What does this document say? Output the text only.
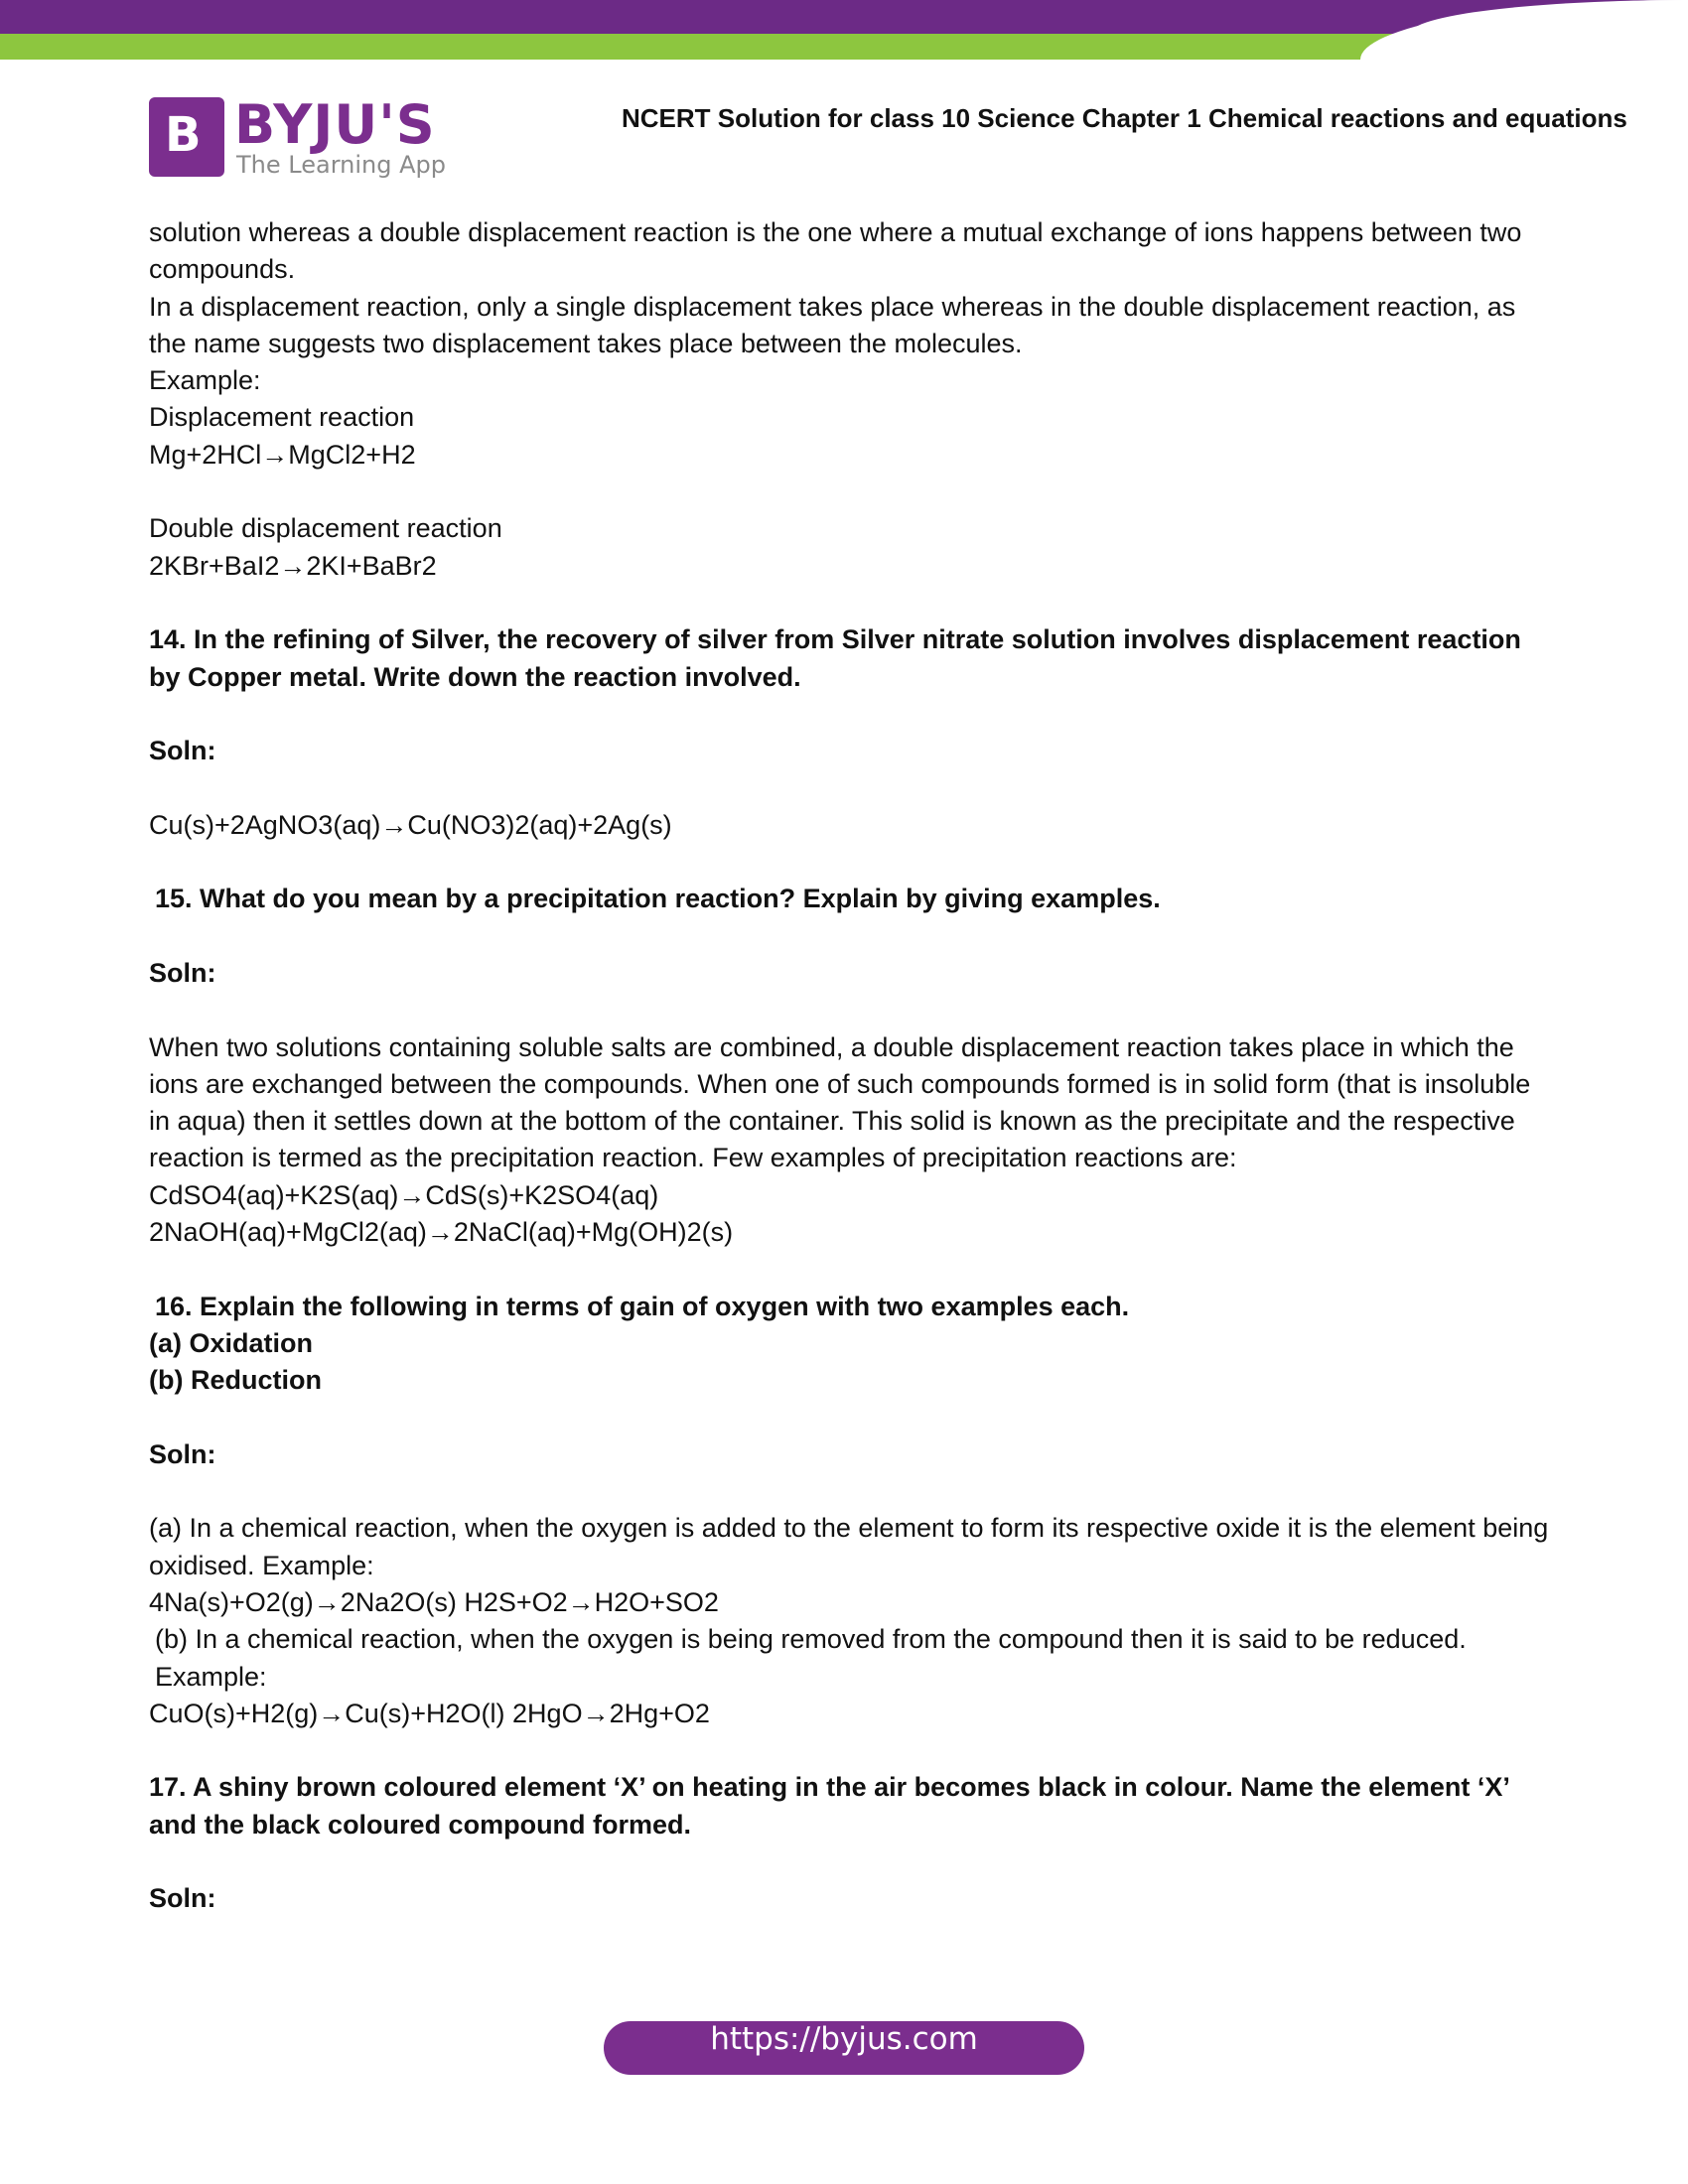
B BYJU'S
The Learning App
NCERT Solution for class 10 Science Chapter 1 Chemical reactions and equations

solution whereas a double displacement reaction is the one where a mutual exchange of ions happens between two compounds.

In a displacement reaction, only a single displacement takes place whereas in the double displacement reaction, as the name suggests two displacement takes place between the molecules.

Example:

Displacement reaction

Mg+2HCl→MgCl2+H2

Double displacement reaction

2KBr+BaI2→2KI+BaBr2

14. In the refining of Silver, the recovery of silver from Silver nitrate solution involves displacement reaction by Copper metal. Write down the reaction involved.

Soln:

Cu(s)+2AgNO3(aq)→Cu(NO3)2(aq)+2Ag(s)

15. What do you mean by a precipitation reaction? Explain by giving examples.

Soln:

When two solutions containing soluble salts are combined, a double displacement reaction takes place in which the ions are exchanged between the compounds. When one of such compounds formed is in solid form (that is insoluble in aqua) then it settles down at the bottom of the container. This solid is known as the precipitate and the respective reaction is termed as the precipitation reaction. Few examples of precipitation reactions are:

CdSO4(aq)+K2S(aq)→CdS(s)+K2SO4(aq)

2NaOH(aq)+MgCl2(aq)→2NaCl(aq)+Mg(OH)2(s)

16. Explain the following in terms of gain of oxygen with two examples each.

(a) Oxidation

(b) Reduction

Soln:

(a) In a chemical reaction, when the oxygen is added to the element to form its respective oxide it is the element being oxidised. Example:

4Na(s)+O2(g)→2Na2O(s) H2S+O2→H2O+SO2

(b) In a chemical reaction, when the oxygen is being removed from the compound then it is said to be reduced. Example:

CuO(s)+H2(g)→Cu(s)+H2O(l) 2HgO→2Hg+O2

17. A shiny brown coloured element ‘X’ on heating in the air becomes black in colour. Name the element ‘X’ and the black coloured compound formed.

Soln:

https://byjus.com
